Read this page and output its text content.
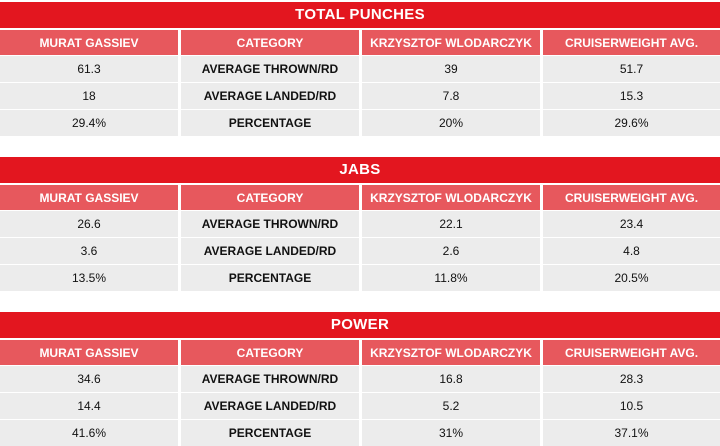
TOTAL PUNCHES
MURAT GASSIEV	CATEGORY	KRZYSZTOF WLODARCZYK	CRUISERWEIGHT AVG.
61.3	AVERAGE THROWN/RD	39	51.7
18	AVERAGE LANDED/RD	7.8	15.3
29.4%	PERCENTAGE	20%	29.6%
JABS
MURAT GASSIEV	CATEGORY	KRZYSZTOF WLODARCZYK	CRUISERWEIGHT AVG.
26.6	AVERAGE THROWN/RD	22.1	23.4
3.6	AVERAGE LANDED/RD	2.6	4.8
13.5%	PERCENTAGE	11.8%	20.5%
POWER
MURAT GASSIEV	CATEGORY	KRZYSZTOF WLODARCZYK	CRUISERWEIGHT AVG.
34.6	AVERAGE THROWN/RD	16.8	28.3
14.4	AVERAGE LANDED/RD	5.2	10.5
41.6%	PERCENTAGE	31%	37.1%
